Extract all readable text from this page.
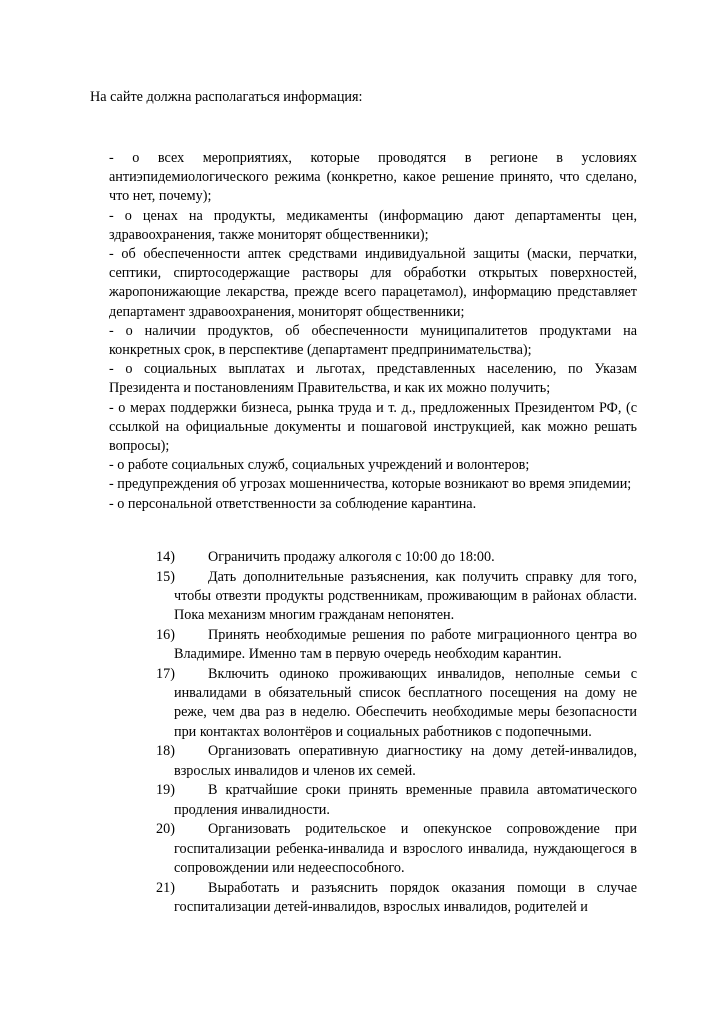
На сайте должна располагаться информация:
- о всех мероприятиях, которые проводятся в регионе в условиях антиэпидемиологического режима (конкретно, какое решение принято, что сделано, что нет, почему);
- о ценах на продукты, медикаменты (информацию дают департаменты цен, здравоохранения, также мониторят общественники);
- об обеспеченности аптек средствами индивидуальной защиты (маски, перчатки, септики, спиртосодержащие растворы для обработки открытых поверхностей, жаропонижающие лекарства, прежде всего парацетамол), информацию представляет департамент здравоохранения, мониторят общественники;
- о наличии продуктов, об обеспеченности муниципалитетов продуктами на конкретных срок, в перспективе (департамент предпринимательства);
- о социальных выплатах и льготах, представленных населению, по Указам Президента и постановлениям Правительства, и как их можно получить;
- о мерах поддержки бизнеса, рынка труда и т. д., предложенных Президентом РФ, (с ссылкой на официальные документы и пошаговой инструкцией, как можно решать вопросы);
- о работе социальных служб, социальных учреждений и волонтеров;
- предупреждения об угрозах мошенничества, которые возникают во время эпидемии;
- о персональной ответственности за соблюдение карантина.
14)	Ограничить продажу алкоголя с 10:00 до 18:00.
15)	Дать дополнительные разъяснения, как получить справку для того, чтобы отвезти продукты родственникам, проживающим в районах области. Пока механизм многим гражданам непонятен.
16)	Принять необходимые решения по работе миграционного центра во Владимире. Именно там в первую очередь необходим карантин.
17)	Включить одиноко проживающих инвалидов, неполные семьи с инвалидами в обязательный список бесплатного посещения на дому не реже, чем два раз в неделю. Обеспечить необходимые меры безопасности при контактах волонтёров и социальных работников с подопечными.
18)	Организовать оперативную диагностику на дому детей-инвалидов, взрослых инвалидов и членов их семей.
19)	В кратчайшие сроки принять временные правила автоматического продления инвалидности.
20)	Организовать родительское и опекунское сопровождение при госпитализации ребенка-инвалида и взрослого инвалида, нуждающегося в сопровождении или недееспособного.
21)	Выработать и разъяснить порядок оказания помощи в случае госпитализации детей-инвалидов, взрослых инвалидов, родителей и
